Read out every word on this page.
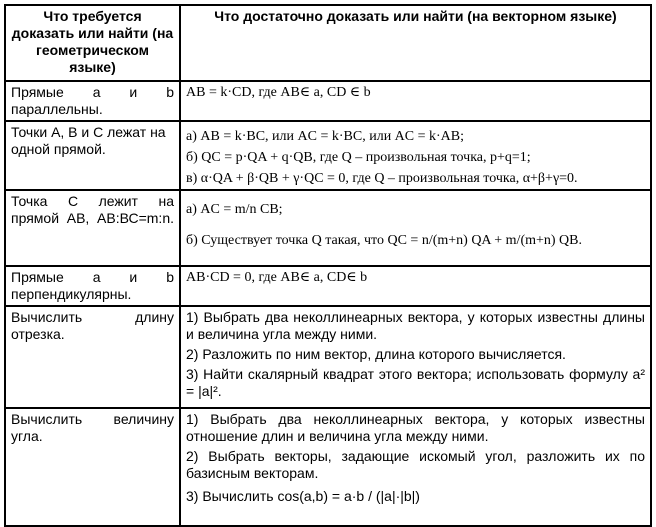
Что требуется доказать или найти (на геометрическом языке)	Что достаточно доказать или найти (на векторном языке)

Прямые a и b параллельны.	AB = k·CD, где AB∈ a, CD ∈ b

Точки А, В и С лежат на одной прямой.	а) AB = k·BC, или AC = k·BC, или AC = k·AB;
б) QC = p·QA + q·QB, где Q – произвольная точка, p+q=1;
в) α·QA + β·QB + γ·QC = 0, где Q – произвольная точка, α+β+γ=0.

Точка С лежит на прямой АВ, АВ:ВС=m:n.	а) AC = m/n CB;
б) Существует точка Q такая, что QC = n/(m+n) QA + m/(m+n) QB.

Прямые a и b перпендикулярны.	AB·CD = 0, где AB∈ a, CD∈ b

Вычислить длину отрезка.	1) Выбрать два неколлинеарных вектора, у которых известны длины и величина угла между ними.
2) Разложить по ним вектор, длина которого вычисляется.
3) Найти скалярный квадрат этого вектора; использовать формулу a² = |a|².

Вычислить величину угла.	1) Выбрать два неколлинеарных вектора, у которых известны отношение длин и величина угла между ними.
2) Выбрать векторы, задающие искомый угол, разложить их по базисным векторам.
3) Вычислить cos(a,b) = a·b / (|a|·|b|)
